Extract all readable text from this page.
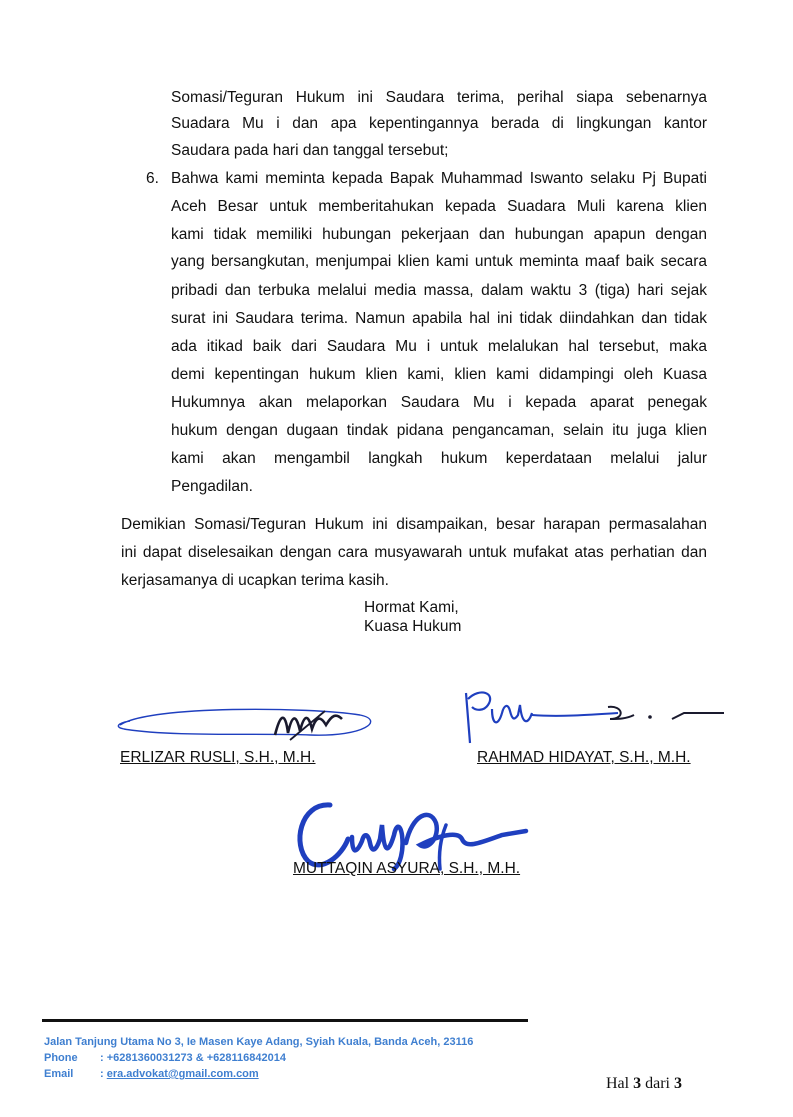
Somasi/Teguran Hukum ini Saudara terima, perihal siapa sebenarnya
Suadara Mu i dan apa kepentingannya berada di lingkungan kantor
Saudara pada hari dan tanggal tersebut;
6. Bahwa kami meminta kepada Bapak Muhammad Iswanto selaku Pj Bupati
Aceh Besar untuk memberitahukan kepada Suadara Muli karena klien
kami tidak memiliki hubungan pekerjaan dan hubungan apapun dengan
yang bersangkutan, menjumpai klien kami untuk meminta maaf baik secara
pribadi dan terbuka melalui media massa, dalam waktu 3 (tiga) hari sejak
surat ini Saudara terima. Namun apabila hal ini tidak diindahkan dan tidak
ada itikad baik dari Saudara Mu i untuk melalukan hal tersebut, maka
demi kepentingan hukum klien kami, klien kami didampingi oleh Kuasa
Hukumnya akan melaporkan Saudara Mu i kepada aparat penegak
hukum dengan dugaan tindak pidana pengancaman, selain itu juga klien
kami akan mengambil langkah hukum keperdataan melalui jalur
Pengadilan.
Demikian Somasi/Teguran Hukum ini disampaikan, besar harapan permasalahan
ini dapat diselesaikan dengan cara musyawarah untuk mufakat atas perhatian dan
kerjasamanya di ucapkan terima kasih.
Hormat Kami,
Kuasa Hukum
ERLIZAR RUSLI, S.H., M.H.	RAHMAD HIDAYAT, S.H., M.H.
MUTTAQIN ASYURA, S.H., M.H.
Jalan Tanjung Utama No 3, Ie Masen Kaye Adang, Syiah Kuala, Banda Aceh, 23116
Phone : +6281360031273 & +628116842014
Email : era.advokat@gmail.com.com
Hal 3 dari 3
